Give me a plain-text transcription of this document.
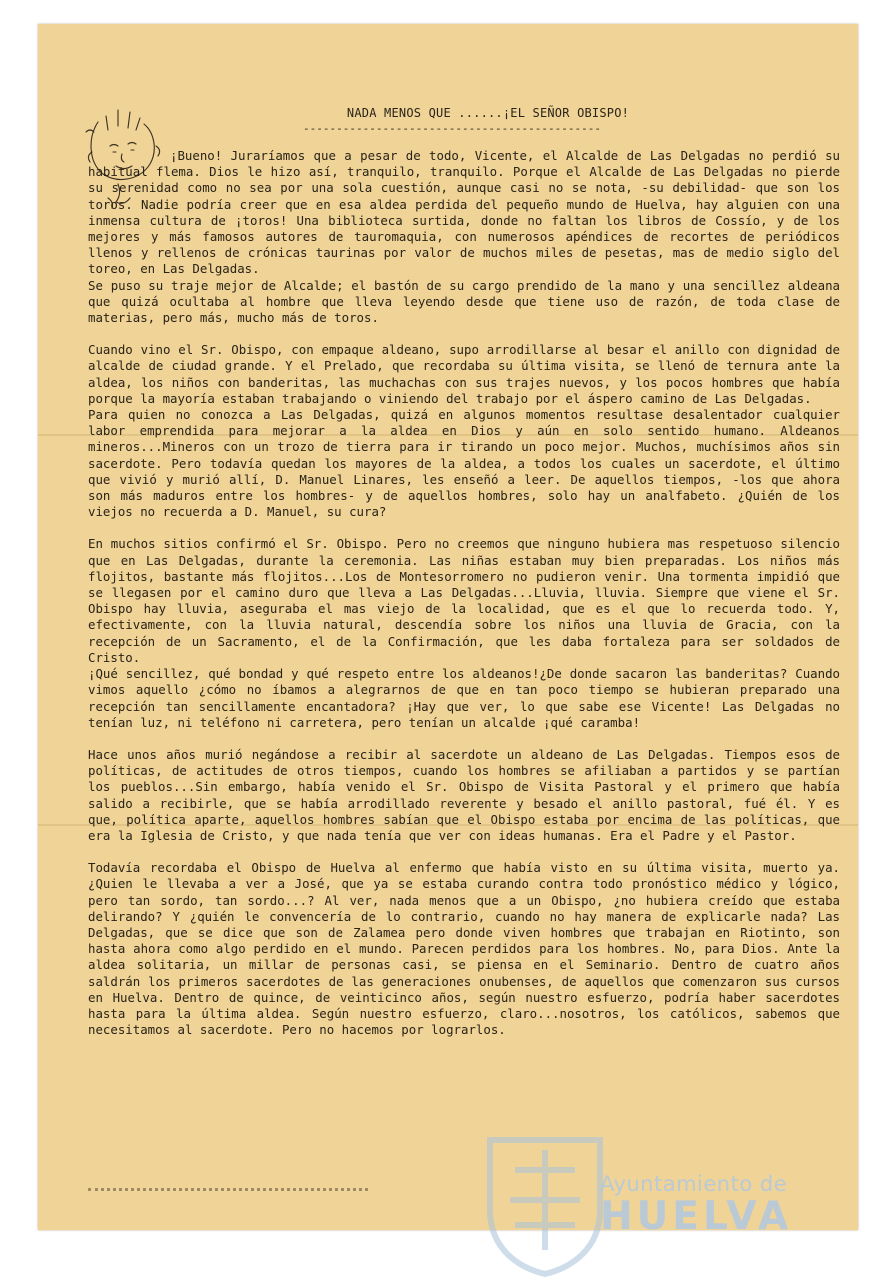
NADA MENOS QUE ......¡EL SEÑOR OBISPO!
---------------------------------------------

¡Bueno! Juraríamos que a pesar de todo, Vicente, el Alcalde de Las Delgadas no perdió su habitual flema. Dios le hizo así, tranquilo, tranquilo. Porque el Alcalde de Las Delgadas no pierde su serenidad como no sea por una sola cuestión, aunque casi no se nota, -su debilidad- que son los toros. Nadie podría creer que en esa aldea perdida del pequeño mundo de Huelva, hay alguien con una inmensa cultura de ¡toros! Una biblioteca surtida, donde no faltan los libros de Cossío, y de los mejores y más famosos autores de tauromaquia, con numerosos apéndices de recortes de periódicos llenos y rellenos de crónicas taurinas por valor de muchos miles de pesetas, mas de medio siglo del toreo, en Las Delgadas.
Se puso su traje mejor de Alcalde; el bastón de su cargo prendido de la mano y una sencillez aldeana que quizá ocultaba al hombre que lleva leyendo desde que tiene uso de razón, de toda clase de materias, pero más, mucho más de toros.

Cuando vino el Sr. Obispo, con empaque aldeano, supo arrodillarse al besar el anillo con dignidad de alcalde de ciudad grande. Y el Prelado, que recordaba su última visita, se llenó de ternura ante la aldea, los niños con banderitas, las muchachas con sus trajes nuevos, y los pocos hombres que había porque la mayoría estaban trabajando o viniendo del trabajo por el áspero camino de Las Delgadas.
Para quien no conozca a Las Delgadas, quizá en algunos momentos resultase desalentador cualquier labor emprendida para mejorar a la aldea en Dios y aún en solo sentido humano. Aldeanos mineros...Mineros con un trozo de tierra para ir tirando un poco mejor. Muchos, muchísimos años sin sacerdote. Pero todavía quedan los mayores de la aldea, a todos los cuales un sacerdote, el último que vivió y murió allí, D. Manuel Linares, les enseñó a leer. De aquellos tiempos, -los que ahora son más maduros entre los hombres- y de aquellos hombres, solo hay un analfabeto. ¿Quién de los viejos no recuerda a D. Manuel, su cura?

En muchos sitios confirmó el Sr. Obispo. Pero no creemos que ninguno hubiera mas respetuoso silencio que en Las Delgadas, durante la ceremonia. Las niñas estaban muy bien preparadas. Los niños más flojitos, bastante más flojitos...Los de Montesorromero no pudieron venir. Una tormenta impidió que se llegasen por el camino duro que lleva a Las Delgadas...Lluvia, lluvia. Siempre que viene el Sr. Obispo hay lluvia, aseguraba el mas viejo de la localidad, que es el que lo recuerda todo. Y, efectivamente, con la lluvia natural, descendía sobre los niños una lluvia de Gracia, con la recepción de un Sacramento, el de la Confirmación, que les daba fortaleza para ser soldados de Cristo.
¡Qué sencillez, qué bondad y qué respeto entre los aldeanos!¿De donde sacaron las banderitas? Cuando vimos aquello ¿cómo no íbamos a alegrarnos de que en tan poco tiempo se hubieran preparado una recepción tan sencillamente encantadora? ¡Hay que ver, lo que sabe ese Vicente! Las Delgadas no tenían luz, ni teléfono ni carretera, pero tenían un alcalde ¡qué caramba!

Hace unos años murió negándose a recibir al sacerdote un aldeano de Las Delgadas. Tiempos esos de políticas, de actitudes de otros tiempos, cuando los hombres se afiliaban a partidos y se partían los pueblos...Sin embargo, había venido el Sr. Obispo de Visita Pastoral y el primero que había salido a recibirle, que se había arrodillado reverente y besado el anillo pastoral, fué él. Y es que, política aparte, aquellos hombres sabían que el Obispo estaba por encima de las políticas, que era la Iglesia de Cristo, y que nada tenía que ver con ideas humanas. Era el Padre y el Pastor.

Todavía recordaba el Obispo de Huelva al enfermo que había visto en su última visita, muerto ya. ¿Quien le llevaba a ver a José, que ya se estaba curando contra todo pronóstico médico y lógico, pero tan sordo, tan sordo...? Al ver, nada menos que a un Obispo, ¿no hubiera creído que estaba delirando? Y ¿quién le convencería de lo contrario, cuando no hay manera de explicarle nada? Las Delgadas, que se dice que son de Zalamea pero donde viven hombres que trabajan en Riotinto, son hasta ahora como algo perdido en el mundo. Parecen perdidos para los hombres. No, para Dios. Ante la aldea solitaria, un millar de personas casi, se piensa en el Seminario. Dentro de cuatro años saldrán los primeros sacerdotes de las generaciones onubenses, de aquellos que comenzaron sus cursos en Huelva. Dentro de quince, de veinticinco años, según nuestro esfuerzo, podría haber sacerdotes hasta para la última aldea. Según nuestro esfuerzo, claro...nosotros, los católicos, sabemos que necesitamos al sacerdote. Pero no hacemos por lograrlos.

Ayuntamiento de
HUELVA
